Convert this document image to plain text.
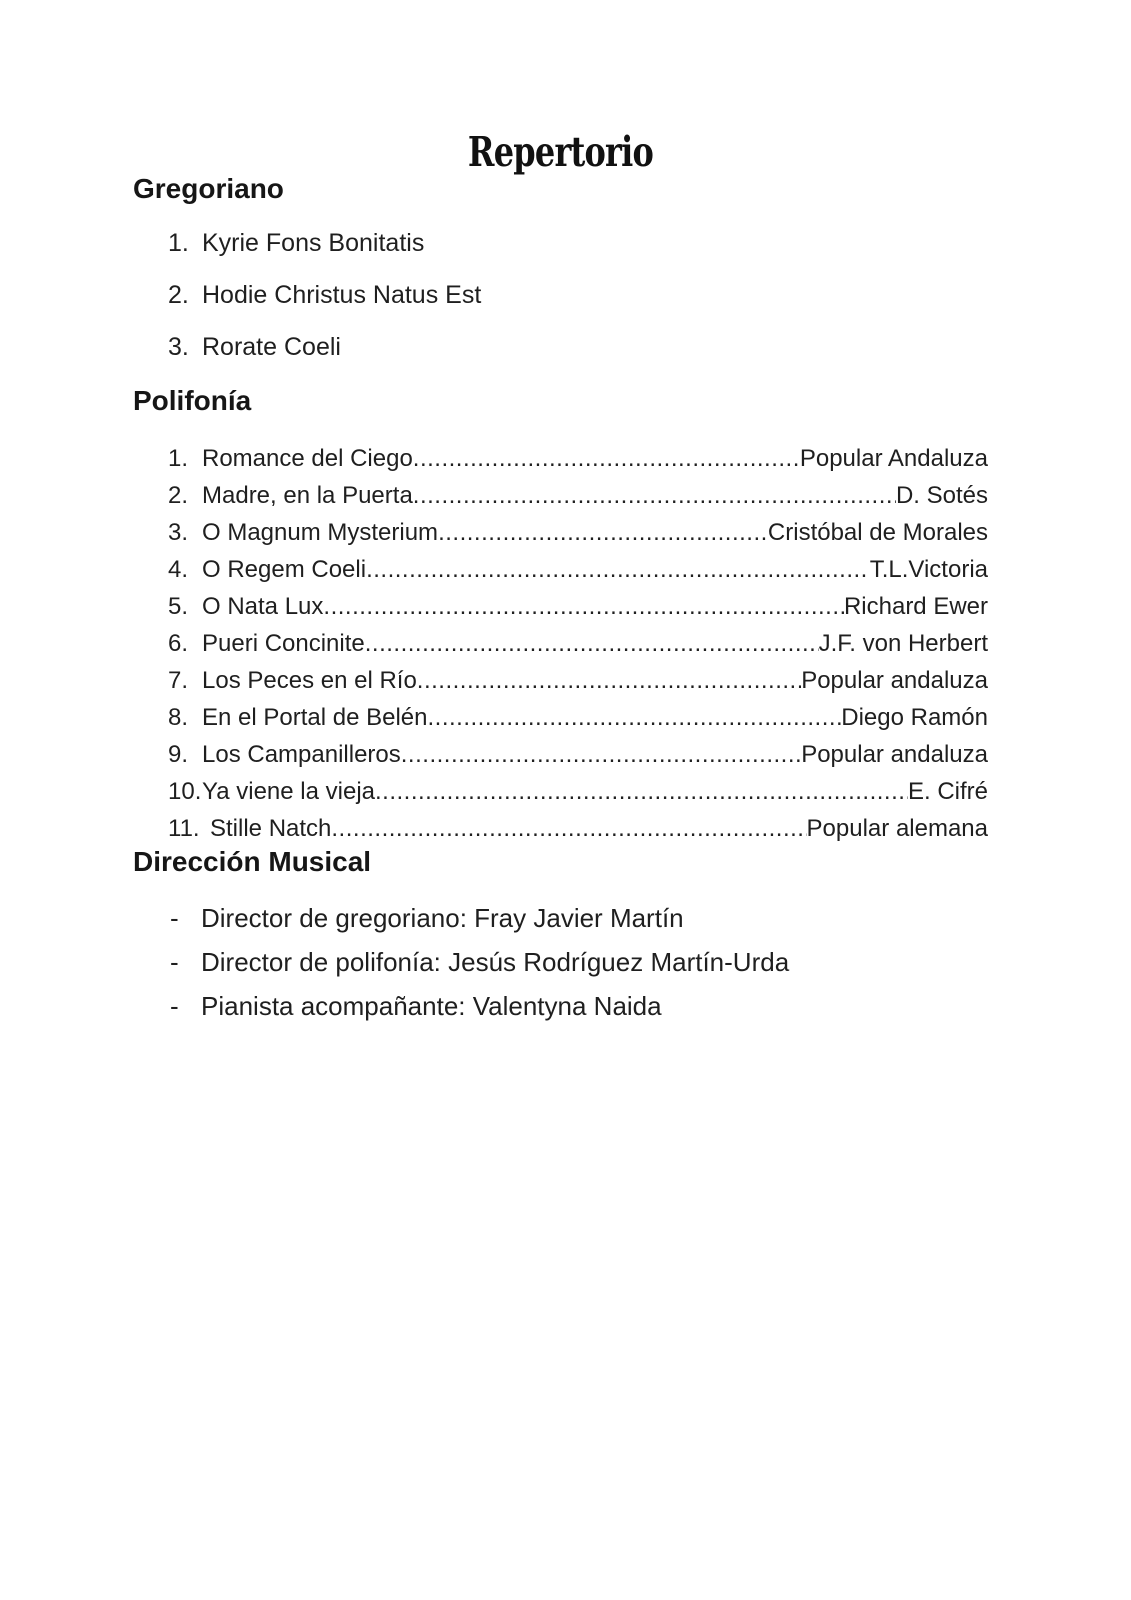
Repertorio
Gregoriano
1. Kyrie Fons Bonitatis
2. Hodie Christus Natus Est
3. Rorate Coeli
Polifonía
1. Romance del Ciego .....	Popular Andaluza
2. Madre, en la Puerta .....	D. Sotés
3. O Magnum Mysterium .....	Cristóbal de Morales
4. O Regem Coeli .....	T.L.Victoria
5. O Nata Lux .....	Richard Ewer
6. Pueri Concinite .....	J.F. von Herbert
7. Los Peces en el Río .....	Popular andaluza
8. En el Portal de Belén .....	Diego Ramón
9. Los Campanilleros .....	Popular andaluza
10. Ya viene la vieja .....	E. Cifré
11. Stille Natch .....	Popular alemana
Dirección Musical
- Director de gregoriano: Fray Javier Martín
- Director de polifonía: Jesús Rodríguez Martín-Urda
- Pianista acompañante: Valentyna Naida
